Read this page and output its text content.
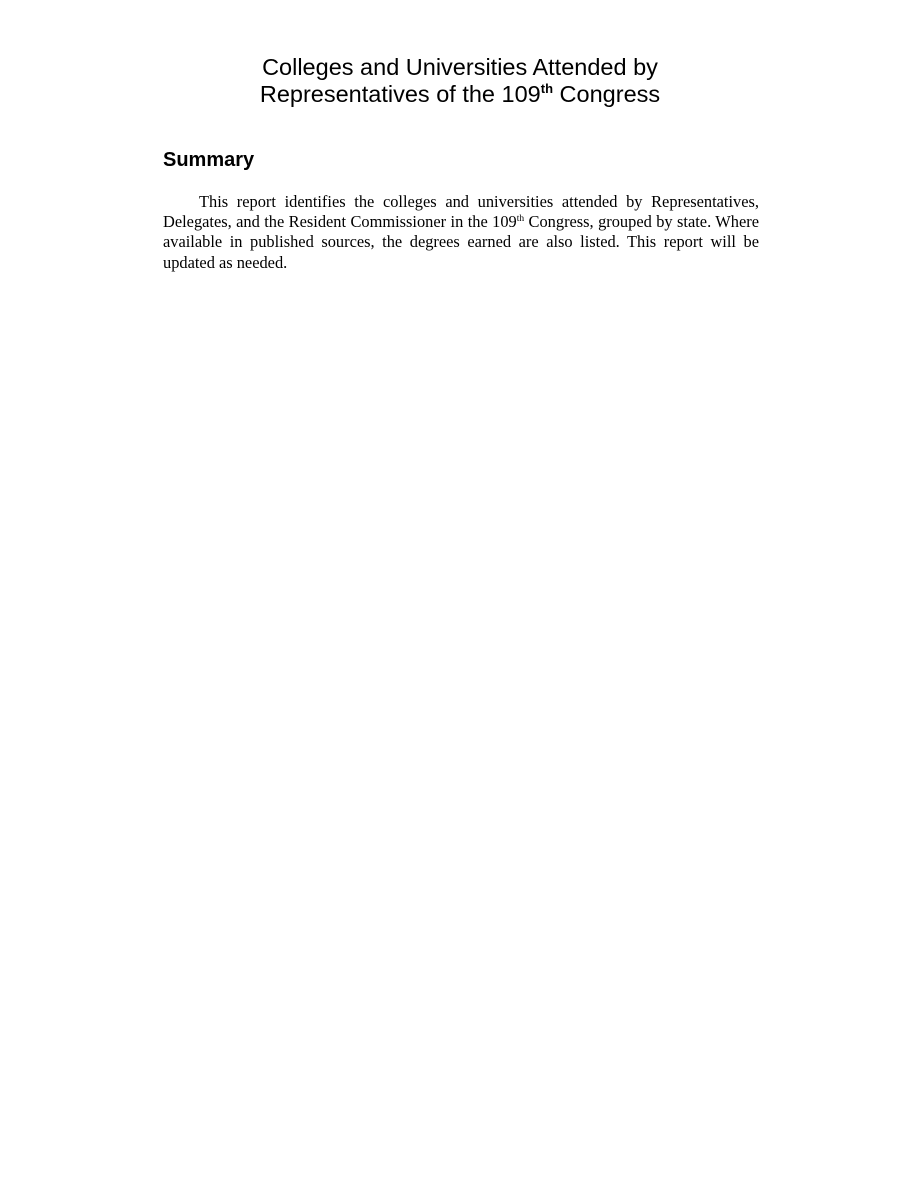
Colleges and Universities Attended by
Representatives of the 109th Congress
Summary

This report identifies the colleges and universities attended by Representatives, Delegates, and the Resident Commissioner in the 109th Congress, grouped by state. Where available in published sources, the degrees earned are also listed. This report will be updated as needed.
